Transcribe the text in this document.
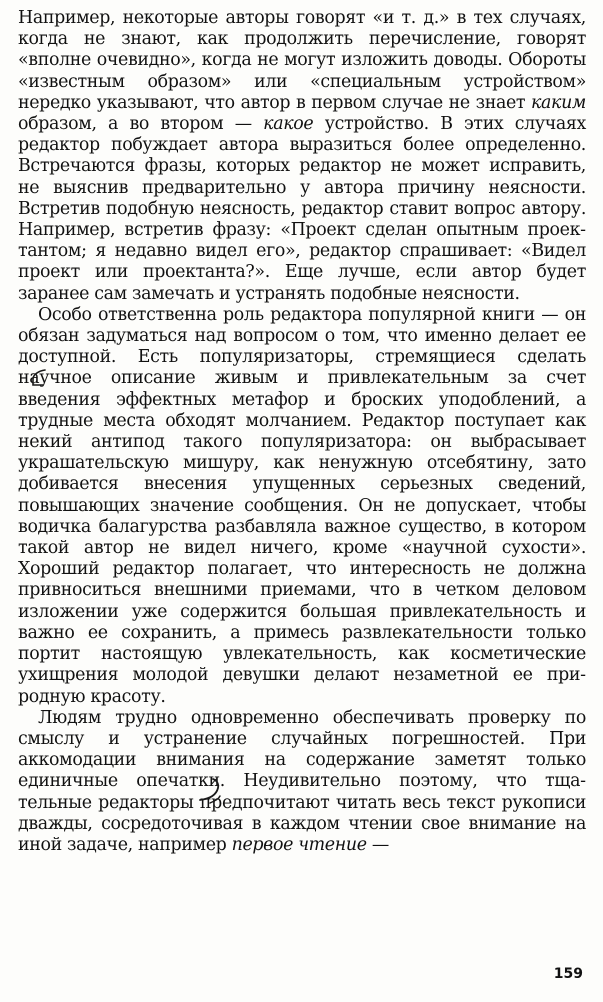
Например, некоторые авторы говорят «и т. д.» в тех случаях, когда не знают, как продолжить перечисление, говорят «вполне очевидно», когда не могут изложить доводы. Обороты «известным образом» или «специальным устройством» нередко указывают, что автор в первом случае не знает каким образом, а во втором — какое устройство. В этих случаях редактор побуждает автора выразиться более определенно. Встречаются фразы, которых редактор не может исправить, не выяснив предварительно у автора причину неясности. Встретив подобную неясность, редактор ставит вопрос автору. Например, встретив фразу: «Проект сделан опытным проектантом; я недавно видел его», редактор спрашивает: «Видел проект или проектанта?». Еще лучше, если автор будет заранее сам замечать и устранять подобные неясности.

Особо ответственна роль редактора популярной книги — он обязан задуматься над вопросом о том, что именно делает ее доступной. Есть популяризаторы, стремящиеся сделать научное описание живым и привлекательным за счет введения эффектных метафор и броских уподоблений, а трудные места обходят молчанием. Редактор поступает как некий антипод такого популяризатора: он выбрасывает украшательскую мишуру, как ненужную отсебятину, зато добивается внесения упущенных серьезных сведений, повышающих значение сообщения. Он не допускает, чтобы водичка балагурства разбавляла важное существо, в котором такой автор не видел ничего, кроме «научной сухости». Хороший редактор полагает, что интересность не должна привноситься внешними приемами, что в четком деловом изложении уже содержится большая привлекательность и важно ее сохранить, а примесь развлекательности только портит настоящую увлекательность, как косметические ухищрения молодой девушки делают незаметной ее природную красоту.

Людям трудно одновременно обеспечивать проверку по смыслу и устранение случайных погрешностей. При аккомодации внимания на содержание заметят только единичные опечатки. Неудивительно поэтому, что тщательные редакторы предпочитают читать весь текст рукописи дважды, сосредоточивая в каждом чтении свое внимание на иной задаче, например первое чтение —

159
